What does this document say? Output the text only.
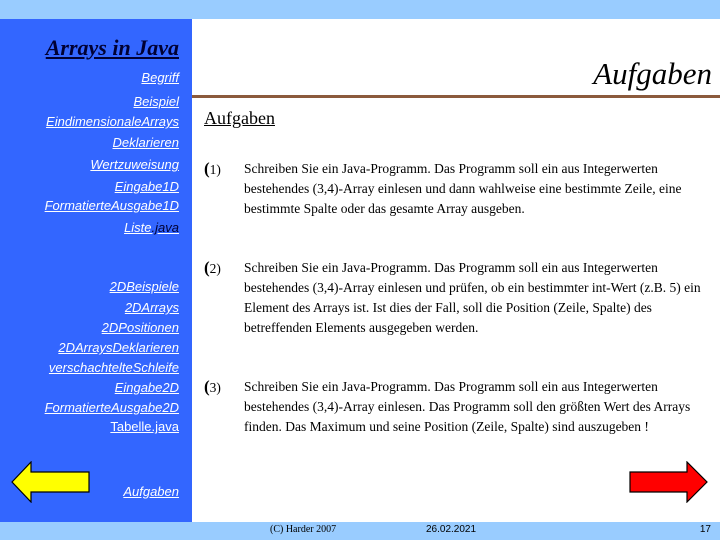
Arrays in Java
Begriff
Beispiel
EindimensionaleArrays
Deklarieren
Wertzuweisung
Eingabe1D
FormatierteAusgabe1D
Liste.java
2DBeispiele
2DArrays
2DPositionen
2DArraysDeklarieren
verschachtelteSchleife
Eingabe2D
FormatierteAusgabe2D
Tabelle.java
Aufgaben
Aufgaben
Aufgaben
(1)	Schreiben Sie ein Java-Programm. Das Programm soll ein aus Integerwerten bestehendes (3,4)-Array einlesen und dann wahlweise eine bestimmte Zeile, eine bestimmte Spalte oder das gesamte Array ausgeben.
(2)	Schreiben Sie ein Java-Programm. Das Programm soll ein aus Integerwerten bestehendes (3,4)-Array einlesen und prüfen, ob ein bestimmter int-Wert (z.B. 5) ein Element des Arrays ist. Ist dies der Fall, soll die Position (Zeile, Spalte) des betreffenden Elements ausgegeben werden.
(3)	Schreiben Sie ein Java-Programm. Das Programm soll ein aus Integerwerten bestehendes (3,4)-Array einlesen. Das Programm soll den größten Wert des Arrays finden. Das Maximum und seine Position (Zeile, Spalte) sind auszugeben !
(C) Harder 2007	26.02.2021	17
